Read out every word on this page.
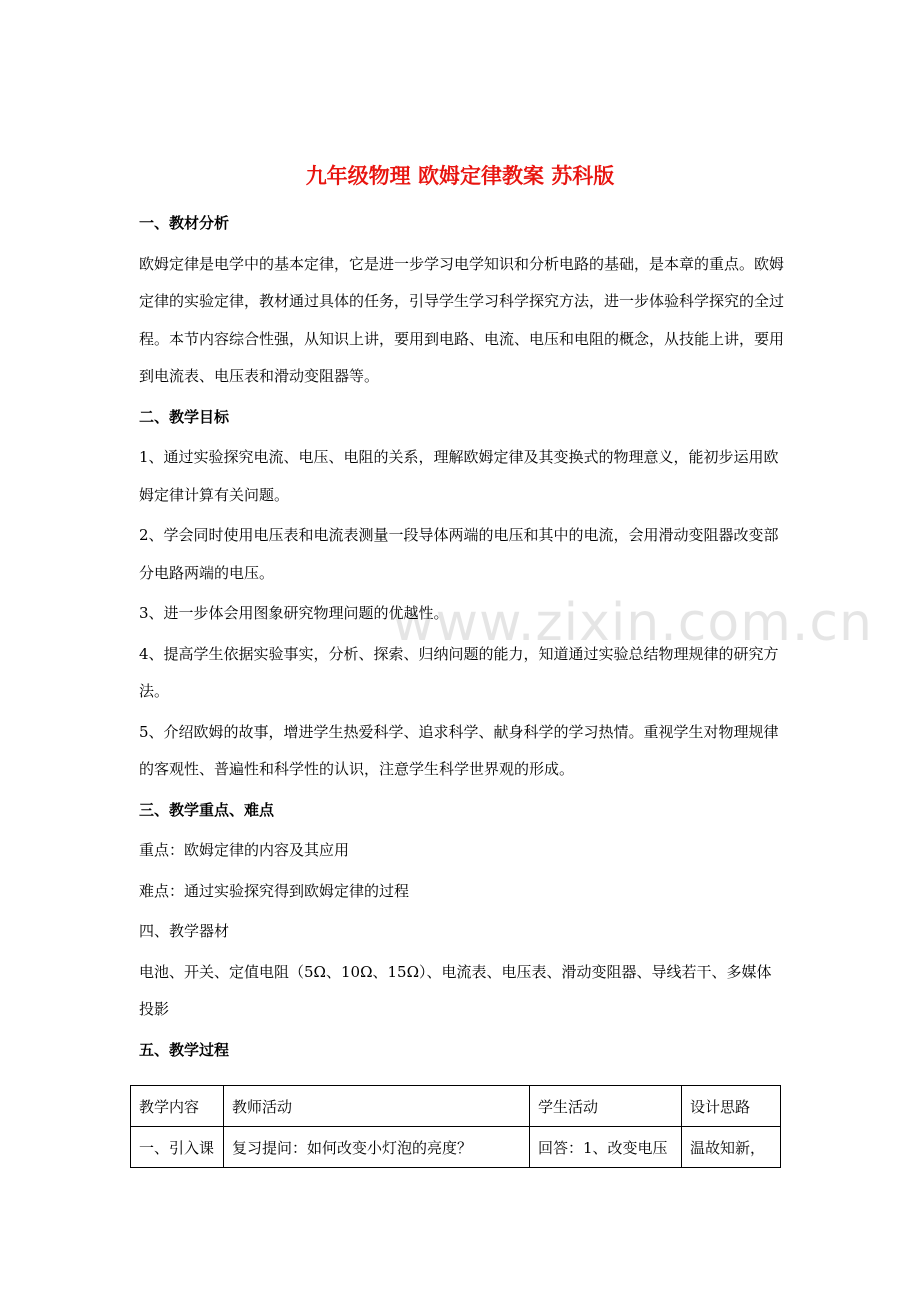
九年级物理 欧姆定律教案 苏科版

一、教材分析

欧姆定律是电学中的基本定律，它是进一步学习电学知识和分析电路的基础，是本章的重点。欧姆定律的实验定律，教材通过具体的任务，引导学生学习科学探究方法，进一步体验科学探究的全过程。本节内容综合性强，从知识上讲，要用到电路、电流、电压和电阻的概念，从技能上讲，要用到电流表、电压表和滑动变阻器等。

二、教学目标

1、通过实验探究电流、电压、电阻的关系，理解欧姆定律及其变换式的物理意义，能初步运用欧姆定律计算有关问题。

2、学会同时使用电压表和电流表测量一段导体两端的电压和其中的电流，会用滑动变阻器改变部分电路两端的电压。

3、进一步体会用图象研究物理问题的优越性。

4、提高学生依据实验事实，分析、探索、归纳问题的能力，知道通过实验总结物理规律的研究方法。

5、介绍欧姆的故事，增进学生热爱科学、追求科学、献身科学的学习热情。重视学生对物理规律的客观性、普遍性和科学性的认识，注意学生科学世界观的形成。

三、教学重点、难点

重点：欧姆定律的内容及其应用

难点：通过实验探究得到欧姆定律的过程

四、教学器材

电池、开关、定值电阻（5Ω、10Ω、15Ω）、电流表、电压表、滑动变阻器、导线若干、多媒体投影

五、教学过程

教学内容	教师活动	学生活动	设计思路
一、引入课	复习提问：如何改变小灯泡的亮度？	回答：1、改变电压	温故知新，
www.zixin.com.cn
